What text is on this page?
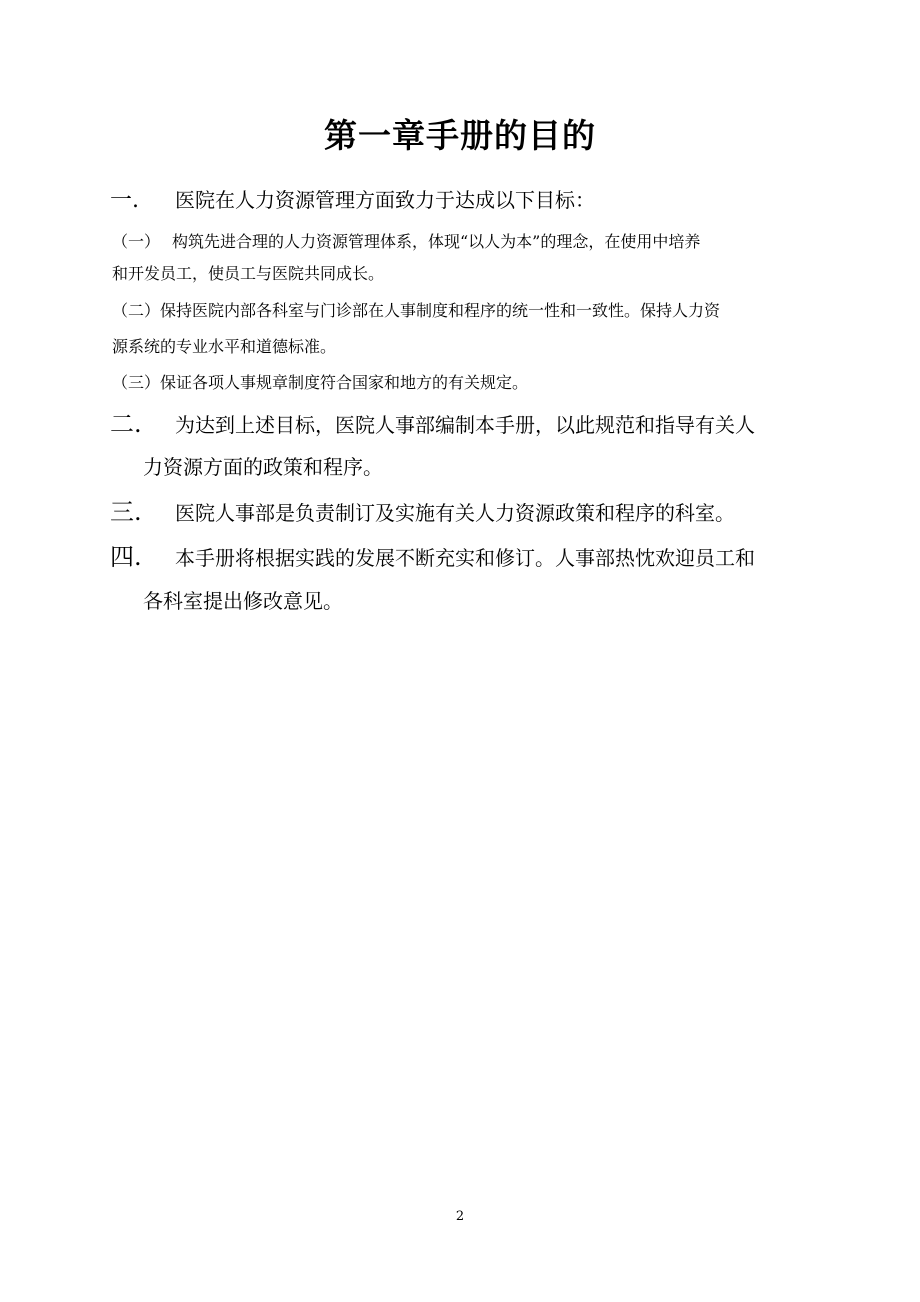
第一章手册的目的

一. 医院在人力资源管理方面致力于达成以下目标：

（一） 构筑先进合理的人力资源管理体系，体现“以人为本”的理念，在使用中培养

和开发员工，使员工与医院共同成长。

（二）保持医院内部各科室与门诊部在人事制度和程序的统一性和一致性。保持人力资

源系统的专业水平和道德标准。

（三）保证各项人事规章制度符合国家和地方的有关规定。

二. 为达到上述目标，医院人事部编制本手册，以此规范和指导有关人

力资源方面的政策和程序。

三. 医院人事部是负责制订及实施有关人力资源政策和程序的科室。

四. 本手册将根据实践的发展不断充实和修订。人事部热忱欢迎员工和

各科室提出修改意见。

2
